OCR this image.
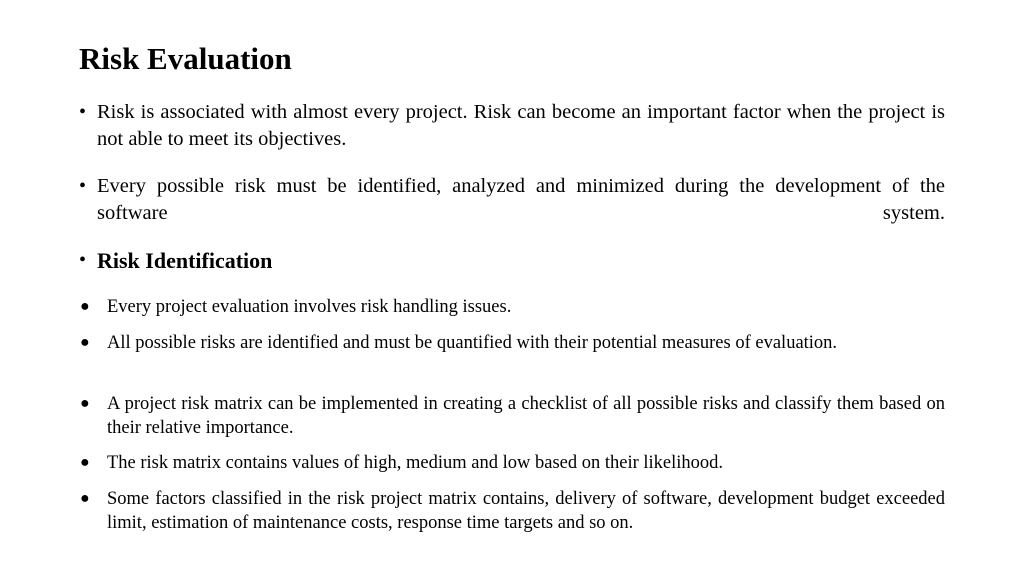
Risk Evaluation
• Risk is associated with almost every project. Risk can become an important factor when the project is not able to meet its objectives.
• Every possible risk must be identified, analyzed and minimized during the development of the software system.
• Risk Identification
● Every project evaluation involves risk handling issues.
● All possible risks are identified and must be quantified with their potential measures of evaluation.
● A project risk matrix can be implemented in creating a checklist of all possible risks and classify them based on their relative importance.
● The risk matrix contains values of high, medium and low based on their likelihood.
● Some factors classified in the risk project matrix contains, delivery of software, development budget exceeded limit, estimation of maintenance costs, response time targets and so on.
